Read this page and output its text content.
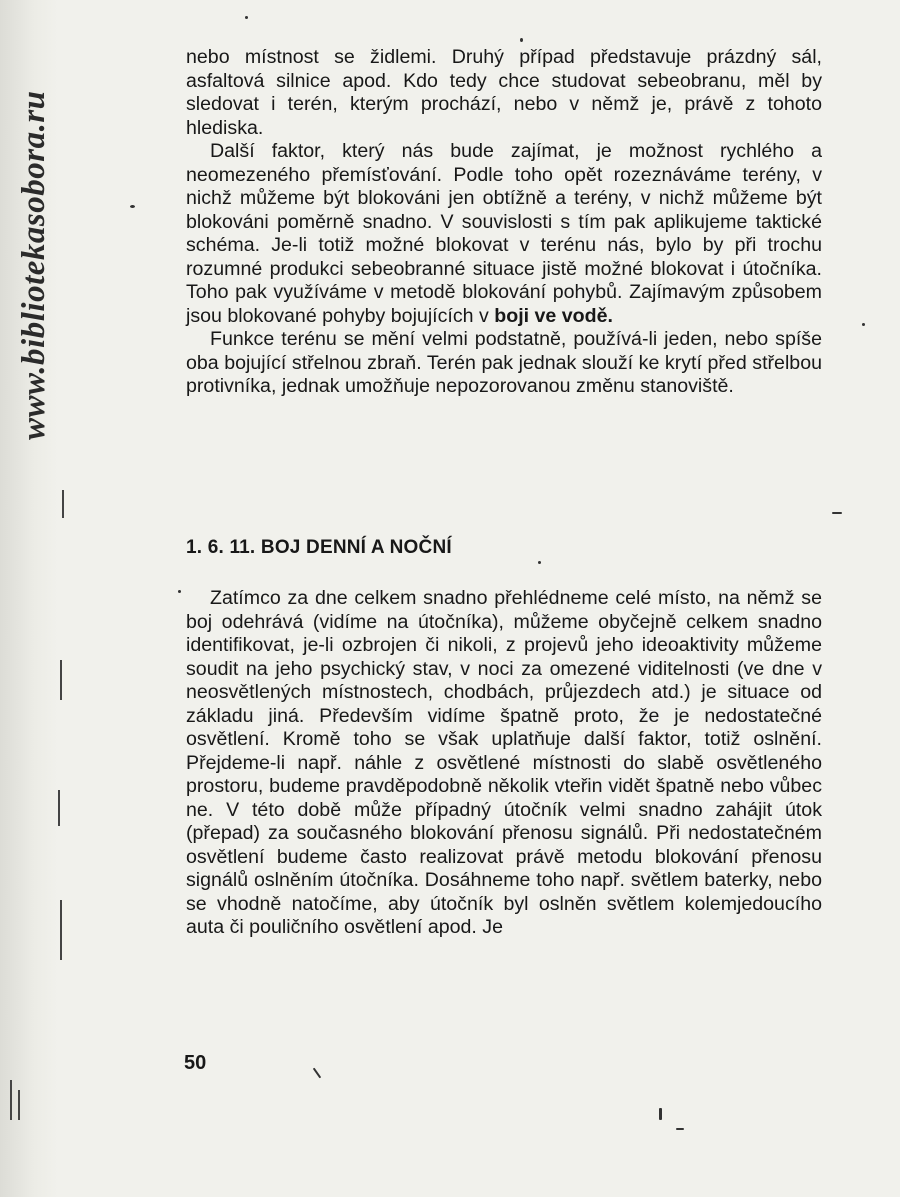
www.bibliotekasobora.ru

nebo místnost se židlemi. Druhý případ představuje prázdný sál, asfaltová silnice apod. Kdo tedy chce studovat sebeobranu, měl by sledovat i terén, kterým prochází, nebo v němž je, právě z tohoto hlediska.

Další faktor, který nás bude zajímat, je možnost rychlého a neomezeného přemísťování. Podle toho opět rozeznáváme terény, v nichž můžeme být blokováni jen obtížně a terény, v nichž můžeme být blokováni poměrně snadno. V souvislosti s tím pak aplikujeme taktické schéma. Je-li totiž možné blokovat v terénu nás, bylo by při trochu rozumné produkci sebeobranné situace jistě možné blokovat i útočníka. Toho pak využíváme v metodě blokování pohybů. Zajímavým způsobem jsou blokované pohyby bojujících v boji ve vodě.

Funkce terénu se mění velmi podstatně, používá-li jeden, nebo spíše oba bojující střelnou zbraň. Terén pak jednak slouží ke krytí před střelbou protivníka, jednak umožňuje nepozorovanou změnu stanoviště.

1. 6. 11. BOJ DENNÍ A NOČNÍ

Zatímco za dne celkem snadno přehlédneme celé místo, na němž se boj odehrává (vidíme na útočníka), můžeme obyčejně celkem snadno identifikovat, je-li ozbrojen či nikoli, z projevů jeho ideoaktivity můžeme soudit na jeho psychický stav, v noci za omezené viditelnosti (ve dne v neosvětlených místnostech, chodbách, průjezdech atd.) je situace od základu jiná. Především vidíme špatně proto, že je nedostatečné osvětlení. Kromě toho se však uplatňuje další faktor, totiž oslnění. Přejdeme-li např. náhle z osvětlené místnosti do slabě osvětleného prostoru, budeme pravděpodobně několik vteřin vidět špatně nebo vůbec ne. V této době může případný útočník velmi snadno zahájit útok (přepad) za současného blokování přenosu signálů. Při nedostatečném osvětlení budeme často realizovat právě metodu blokování přenosu signálů oslněním útočníka. Dosáhneme toho např. světlem baterky, nebo se vhodně natočíme, aby útočník byl oslněn světlem kolemjedoucího auta či pouličního osvětlení apod. Je

50
